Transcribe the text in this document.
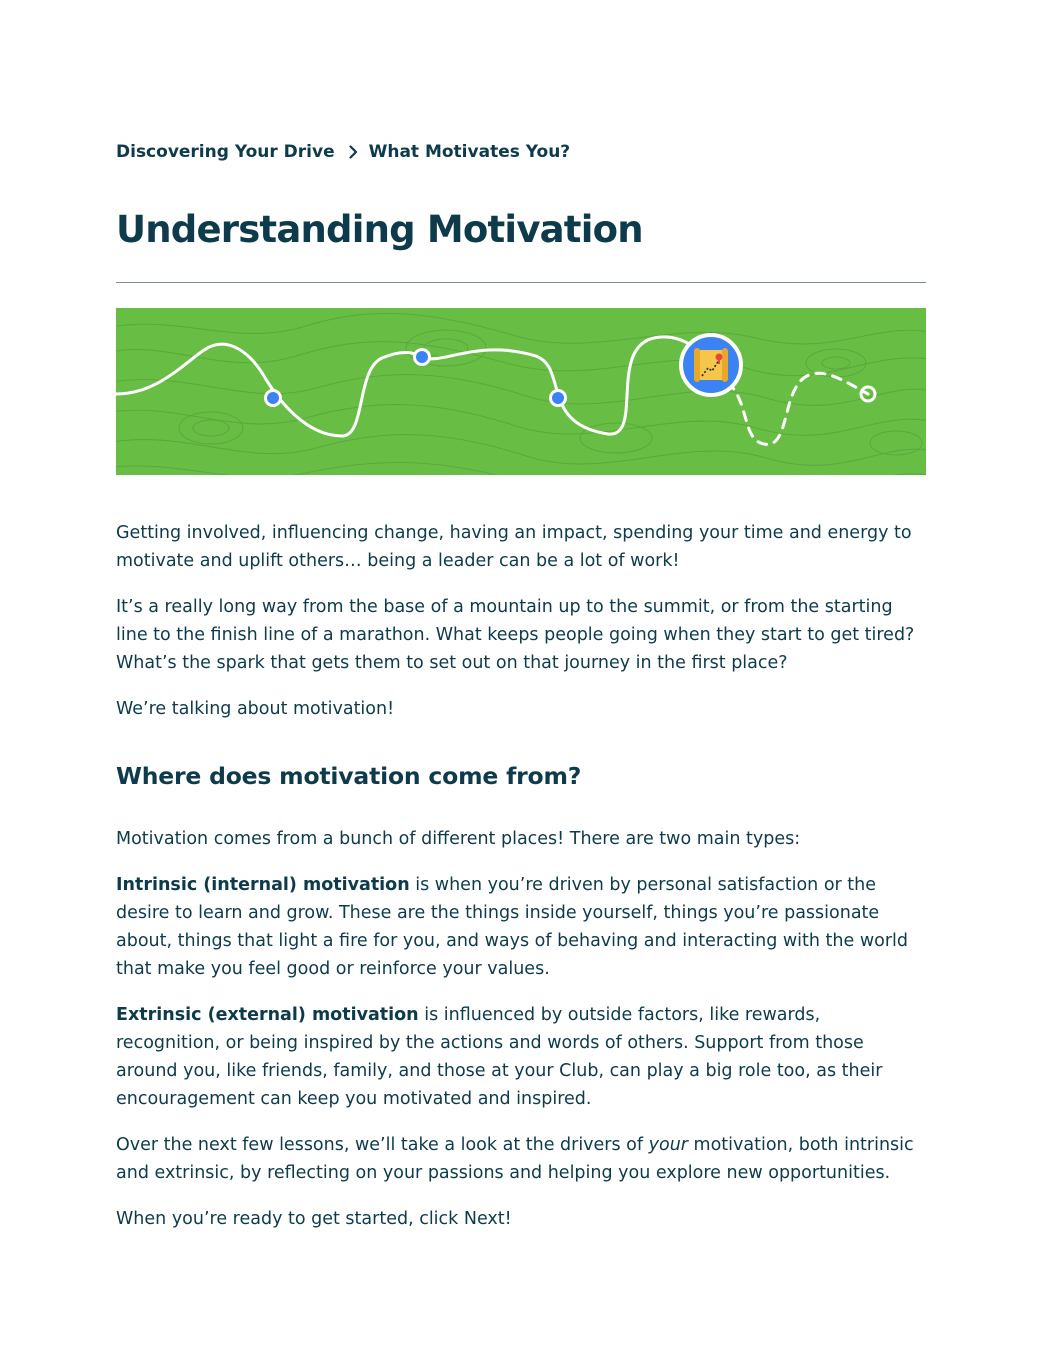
Discovering Your Drive What Motivates You?
Understanding Motivation

Getting involved, influencing change, having an impact, spending your time and energy to motivate and uplift others… being a leader can be a lot of work!

It’s a really long way from the base of a mountain up to the summit, or from the starting line to the finish line of a marathon. What keeps people going when they start to get tired? What’s the spark that gets them to set out on that journey in the first place?

We’re talking about motivation!

Where does motivation come from?

Motivation comes from a bunch of different places! There are two main types:

Intrinsic (internal) motivation is when you’re driven by personal satisfaction or the desire to learn and grow. These are the things inside yourself, things you’re passionate about, things that light a fire for you, and ways of behaving and interacting with the world that make you feel good or reinforce your values.

Extrinsic (external) motivation is influenced by outside factors, like rewards, recognition, or being inspired by the actions and words of others. Support from those around you, like friends, family, and those at your Club, can play a big role too, as their encouragement can keep you motivated and inspired.

Over the next few lessons, we’ll take a look at the drivers of your motivation, both intrinsic and extrinsic, by reflecting on your passions and helping you explore new opportunities.

When you’re ready to get started, click Next!
